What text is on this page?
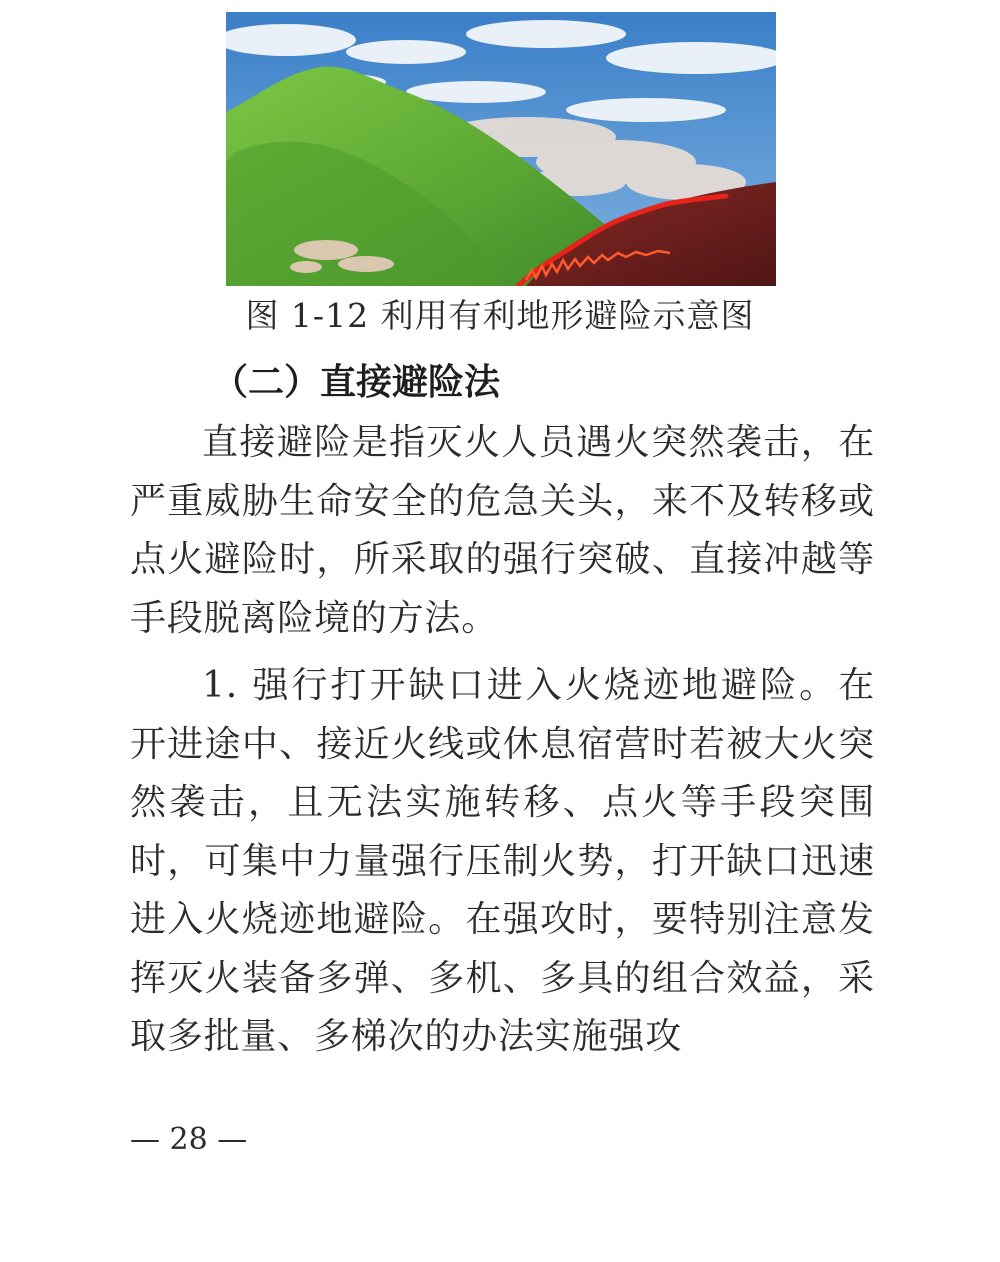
图 1-12 利用有利地形避险示意图
（二）直接避险法

直接避险是指灭火人员遇火突然袭击，在严重威胁生命安全的危急关头，来不及转移或点火避险时，所采取的强行突破、直接冲越等手段脱离险境的方法。

1. 强行打开缺口进入火烧迹地避险。在开进途中、接近火线或休息宿营时若被大火突然袭击，且无法实施转移、点火等手段突围时，可集中力量强行压制火势，打开缺口迅速进入火烧迹地避险。在强攻时，要特别注意发挥灭火装备多弹、多机、多具的组合效益，采取多批量、多梯次的办法实施强攻

— 28 —
